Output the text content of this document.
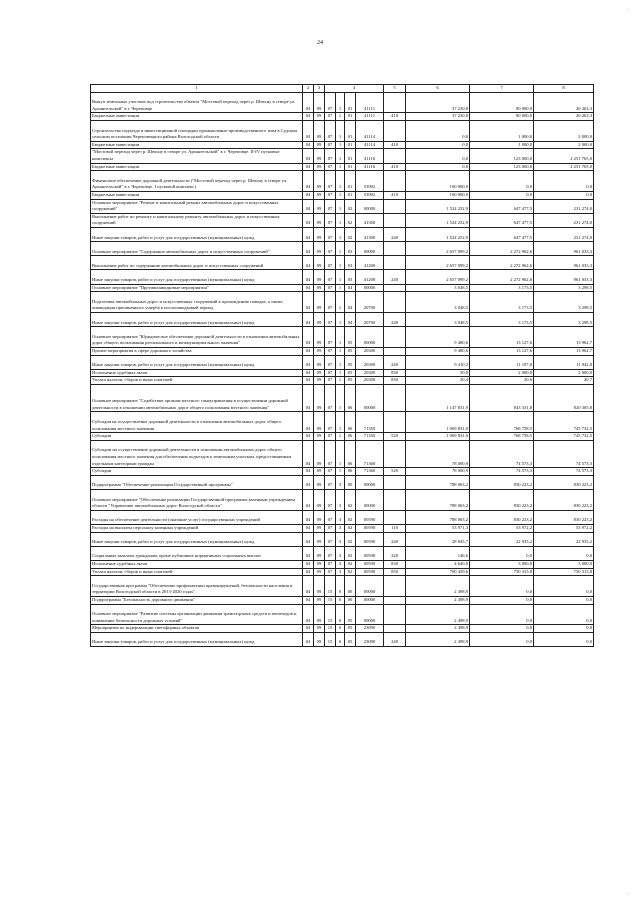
24
1	2	3	4				5	6	7	8
Выкуп земельных участков под строительство объекта "Мостовой переход через р. Шексну в створе ул. Архангельской" в г. Череповце	04	09	07	1	01	41111		37 230,8	80 000,0	26 263,3
Бюджетные инвестиции	04	09	07	1	01	41111	410	37 230,8	80 000,0	26 263,3
Строительство подъезда и инвестиционной площадки промышленно-производственного типа в Судском сельском поселении Череповецкого района Вологодской области	04	09	07	1	01	41114		0,0	1 000,0	2 000,0
Бюджетные инвестиции	04	09	07	1	01	41114	410	0,0	1 000,0	2 000,0
"Мостовой переход через р. Шексну в створе ул. Архангельской" в г. Череповце. II-IV пусковые комплексы	04	09	07	1	01	41116		0,0	123 000,0	2 251 765,0
Бюджетные инвестиции	04	09	07	1	01	41116	410	0,0	123 000,0	2 251 765,0
Финансовое обеспечение дорожной деятельности ("Мостовой переход через р. Шексну в створе ул. Архангельской" в г. Череповце. I пусковой комплекс)	04	09	07	1	01	53902		100 000,0	0,0	0,0
Бюджетные инвестиции	04	09	07	1	01	53902	410	100 000,0	0,0	0,0
Основное мероприятие "Ремонт и капитальный ремонт автомобильных дорог и искусственных сооружений"	04	09	07	1	02	00000		1 524 252,9	647 477,5	231 274,0
Выполнение работ по ремонту и капитальному ремонту автомобильных дорог и искусственных сооружений	04	09	07	1	02	41300		1 524 252,9	647 477,5	231 274,0
Иные закупки товаров, работ и услуг для государственных (муниципальных) нужд	04	09	07	1	02	41300	240	1 524 252,9	647 477,5	231 274,0
Основное мероприятие "Содержание автомобильных дорог и искусственных сооружений"	04	09	07	1	03	00000		2 657 099,2	2 272 962,6	961 033,3
Выполнение работ по содержанию автомобильных дорог и искусственных сооружений	04	09	07	1	03	41200		2 657 099,2	2 272 962,6	961 033,3
Иные закупки товаров, работ и услуг для государственных (муниципальных) нужд	04	09	07	1	03	41200	240	2 657 099,2	2 272 962,6	961 033,3
Основное мероприятие "Противопаводковые мероприятия"	04	09	07	1	04	00000		3 048,5	3 173,5	3 298,5
Подготовка автомобильных дорог и искусственных сооружений к прохождению паводка, а также ликвидация причиненного ущерба в послепаводковый период	04	09	07	1	04	20700		3 048,5	3 173,5	3 298,5
Иные закупки товаров, работ и услуг для государственных (муниципальных) нужд	04	09	07	1	04	20700	240	3 048,5	3 173,5	3 298,5
Основное мероприятие "Юридическое обеспечение дорожной деятельности в отношении автомобильных дорог общего пользования регионального и межмуниципального значения"	04	09	07	1	05	00000		9 480,6	13 127,6	13 962,7
Прочие мероприятия в сфере дорожного хозяйства	04	09	07	1	05	20300		9 480,6	13 127,6	13 962,7
Иные закупки товаров, работ и услуг для государственных (муниципальных) нужд	04	09	07	1	05	20300	240	9 410,2	11 107,0	11 942,0
Исполнение судебных актов	04	09	07	1	05	20300	830	50,0	2 000,0	2 000,0
Уплата налогов, сборов и иных платежей	04	09	07	1	05	20300	850	20,4	20,6	20,7
Основное мероприятие "Содействие органам местного самоуправления в осуществлении дорожной деятельности в отношении автомобильных дорог общего пользования местного значения"	04	09	07	1	06	00000		1 147 831,9	843 331,8	820 305,8
Субсидия на осуществление дорожной деятельности в отношении автомобильных дорог общего пользования местного значения	04	09	07	1	06	71350		1 069 831,0	768 758,5	745 732,5
Субсидии	04	09	07	1	06	71350	520	1 069 831,0	768 758,5	745 732,5
Субсидии на осуществление дорожной деятельности в отношении автомобильных дорог общего пользования местного значения для обеспечения подъездов к земельным участкам, предоставляемым отдельным категориям граждан	04	09	07	1	06	71360		78 000,9	74 573,3	74 573,3
Субсидии	04	09	07	1	06	71360	520	78 000,9	74 573,3	74 573,3
Подпрограмма "Обеспечение реализации Государственной программы"	04	09	07	3	00	00000		788 063,2	830 223,2	830 223,2
Основное мероприятие "Обеспечение реализации Государственной программы казенным учреждением области "Управление автомобильных дорог Вологодской области"	04	09	07	3	02	00000		788 063,2	830 223,2	830 223,2
Расходы на обеспечение деятельности (оказание услуг) государственных учреждений	04	09	07	3	02	00590		788 063,2	830 223,2	830 223,2
Расходы на выплаты персоналу казенных учреждений	04	09	07	3	02	00590	110	53 971,3	53 972,2	53 972,2
Иные закупки товаров, работ и услуг для государственных (муниципальных) нужд	04	09	07	3	02	00590	240	28 845,7	22 935,2	22 935,2
Социальные выплаты гражданам, кроме публичных нормативных социальных выплат	04	09	07	3	02	00590	320	146,6	0,0	0,0
Исполнение судебных актов	04	09	07	3	02	00590	830	4 640,0	3 000,0	3 000,0
Уплата налогов, сборов и иных платежей	04	09	07	3	02	00590	850	700 459,6	750 315,8	750 315,8
Государственная программа "Обеспечение профилактики правонарушений, безопасности населения и территории Вологодской области в 2013-2020 годах"	04	09	15	0	00	00000		2 498,9	0,0	0,0
Подпрограмма "Безопасность дорожного движения"	04	09	15	6	00	00000		2 498,9	0,0	0,0
Основное мероприятие "Развитие системы организации движения транспортных средств и пешеходов и повышение безопасности дорожных условий"	04	09	15	6	05	00000		2 498,9	0,0	0,0
Мероприятия по модернизации светофорных объектов	04	09	15	6	05	23090		2 498,9	0,0	0,0
Иные закупки товаров, работ и услуг для государственных (муниципальных) нужд	04	09	15	6	05	23090	240	2 498,9	0,0	0,0
·
·
